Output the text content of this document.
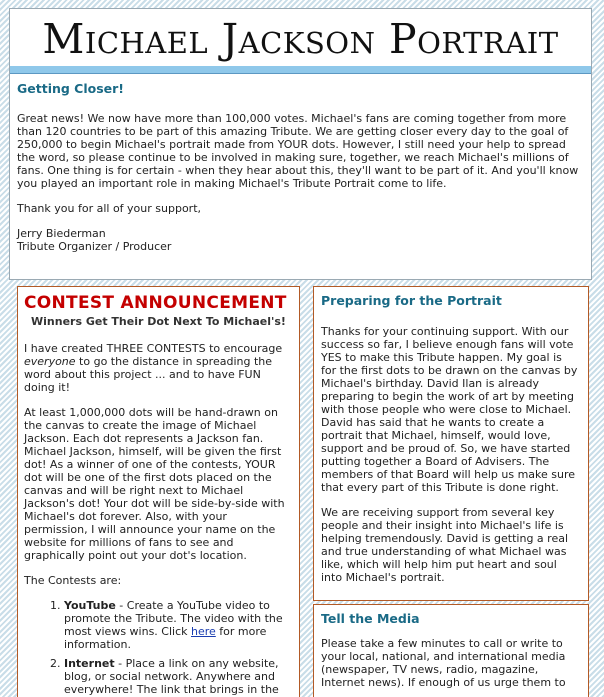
Michael Jackson Portrait
Getting Closer!
Great news! We now have more than 100,000 votes. Michael's fans are coming together from more than 120 countries to be part of this amazing Tribute. We are getting closer every day to the goal of 250,000 to begin Michael's portrait made from YOUR dots. However, I still need your help to spread the word, so please continue to be involved in making sure, together, we reach Michael's millions of fans. One thing is for certain - when they hear about this, they'll want to be part of it. And you'll know you played an important role in making Michael's Tribute Portrait come to life.
Thank you for all of your support,
Jerry Biederman
Tribute Organizer / Producer
CONTEST ANNOUNCEMENT
Winners Get Their Dot Next To Michael's!
I have created THREE CONTESTS to encourage everyone to go the distance in spreading the word about this project ... and to have FUN doing it!
At least 1,000,000 dots will be hand-drawn on the canvas to create the image of Michael Jackson. Each dot represents a Jackson fan. Michael Jackson, himself, will be given the first dot! As a winner of one of the contests, YOUR dot will be one of the first dots placed on the canvas and will be right next to Michael Jackson's dot! Your dot will be side-by-side with Michael's dot forever. Also, with your permission, I will announce your name on the website for millions of fans to see and graphically point out your dot's location.
The Contests are:
1. YouTube - Create a YouTube video to promote the Tribute. The video with the most views wins. Click here for more information.
2. Internet - Place a link on any website, blog, or social network. Anywhere and everywhere! The link that brings in the
Preparing for the Portrait
Thanks for your continuing support. With our success so far, I believe enough fans will vote YES to make this Tribute happen. My goal is for the first dots to be drawn on the canvas by Michael's birthday. David Ilan is already preparing to begin the work of art by meeting with those people who were close to Michael. David has said that he wants to create a portrait that Michael, himself, would love, support and be proud of. So, we have started putting together a Board of Advisers. The members of that Board will help us make sure that every part of this Tribute is done right.
We are receiving support from several key people and their insight into Michael's life is helping tremendously. David is getting a real and true understanding of what Michael was like, which will help him put heart and soul into Michael's portrait.
Tell the Media
Please take a few minutes to call or write to your local, national, and international media (newspaper, TV news, radio, magazine, Internet news). If enough of us urge them to
